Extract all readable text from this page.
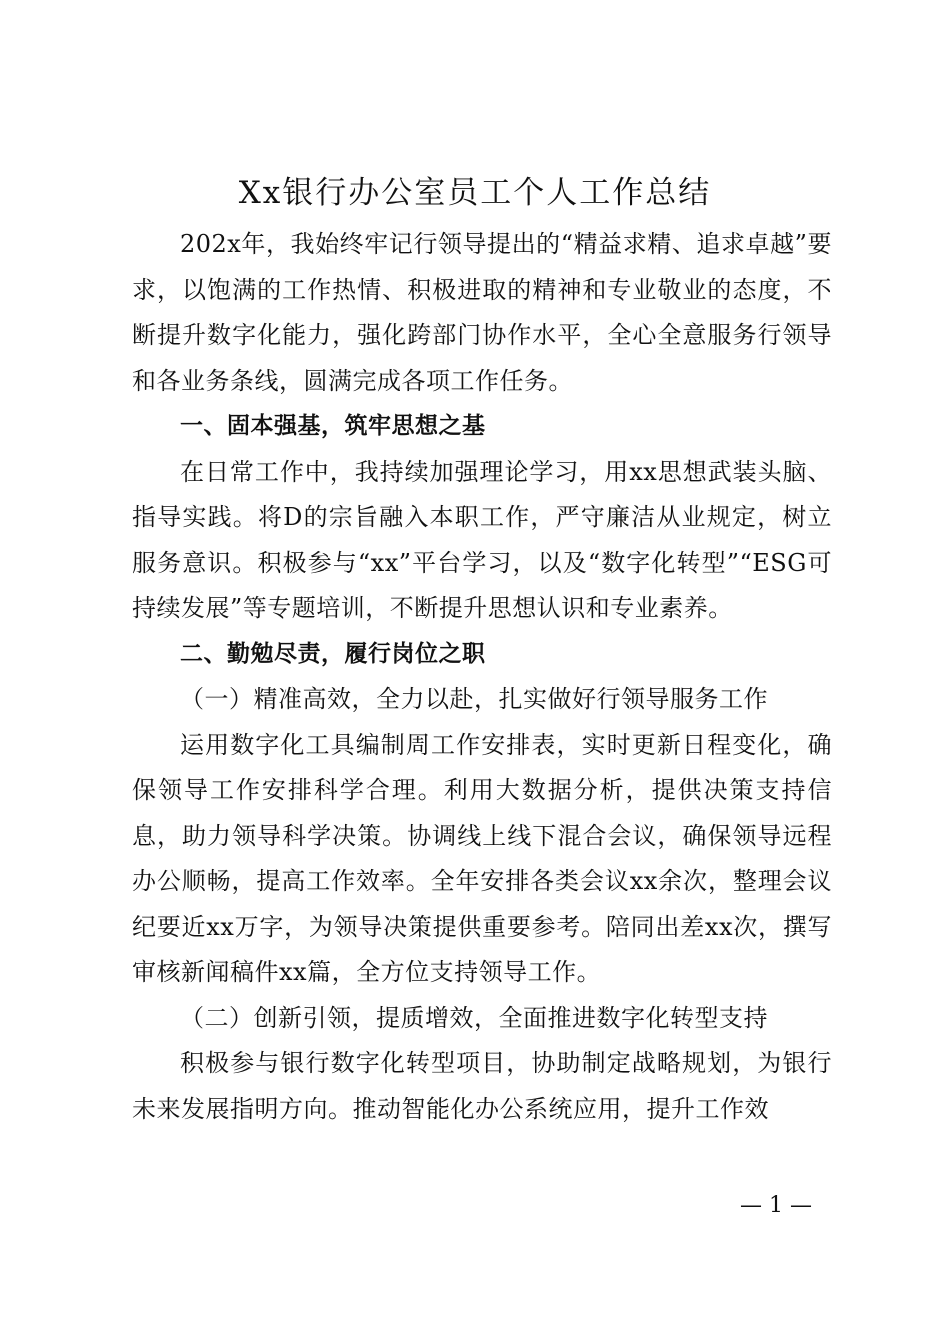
Xx银行办公室员工个人工作总结

202x年，我始终牢记行领导提出的“精益求精、追求卓越”要求，以饱满的工作热情、积极进取的精神和专业敬业的态度，不断提升数字化能力，强化跨部门协作水平，全心全意服务行领导和各业务条线，圆满完成各项工作任务。

一、固本强基，筑牢思想之基

在日常工作中，我持续加强理论学习，用xx思想武装头脑、指导实践。将D的宗旨融入本职工作，严守廉洁从业规定，树立服务意识。积极参与“xx”平台学习，以及“数字化转型”“ESG可持续发展”等专题培训，不断提升思想认识和专业素养。

二、勤勉尽责，履行岗位之职

（一）精准高效，全力以赴，扎实做好行领导服务工作

运用数字化工具编制周工作安排表，实时更新日程变化，确保领导工作安排科学合理。利用大数据分析，提供决策支持信息，助力领导科学决策。协调线上线下混合会议，确保领导远程办公顺畅，提高工作效率。全年安排各类会议xx余次，整理会议纪要近xx万字，为领导决策提供重要参考。陪同出差xx次，撰写审核新闻稿件xx篇，全方位支持领导工作。

（二）创新引领，提质增效，全面推进数字化转型支持

积极参与银行数字化转型项目，协助制定战略规划，为银行未来发展指明方向。推动智能化办公系统应用，提升工作效

— 1 —
